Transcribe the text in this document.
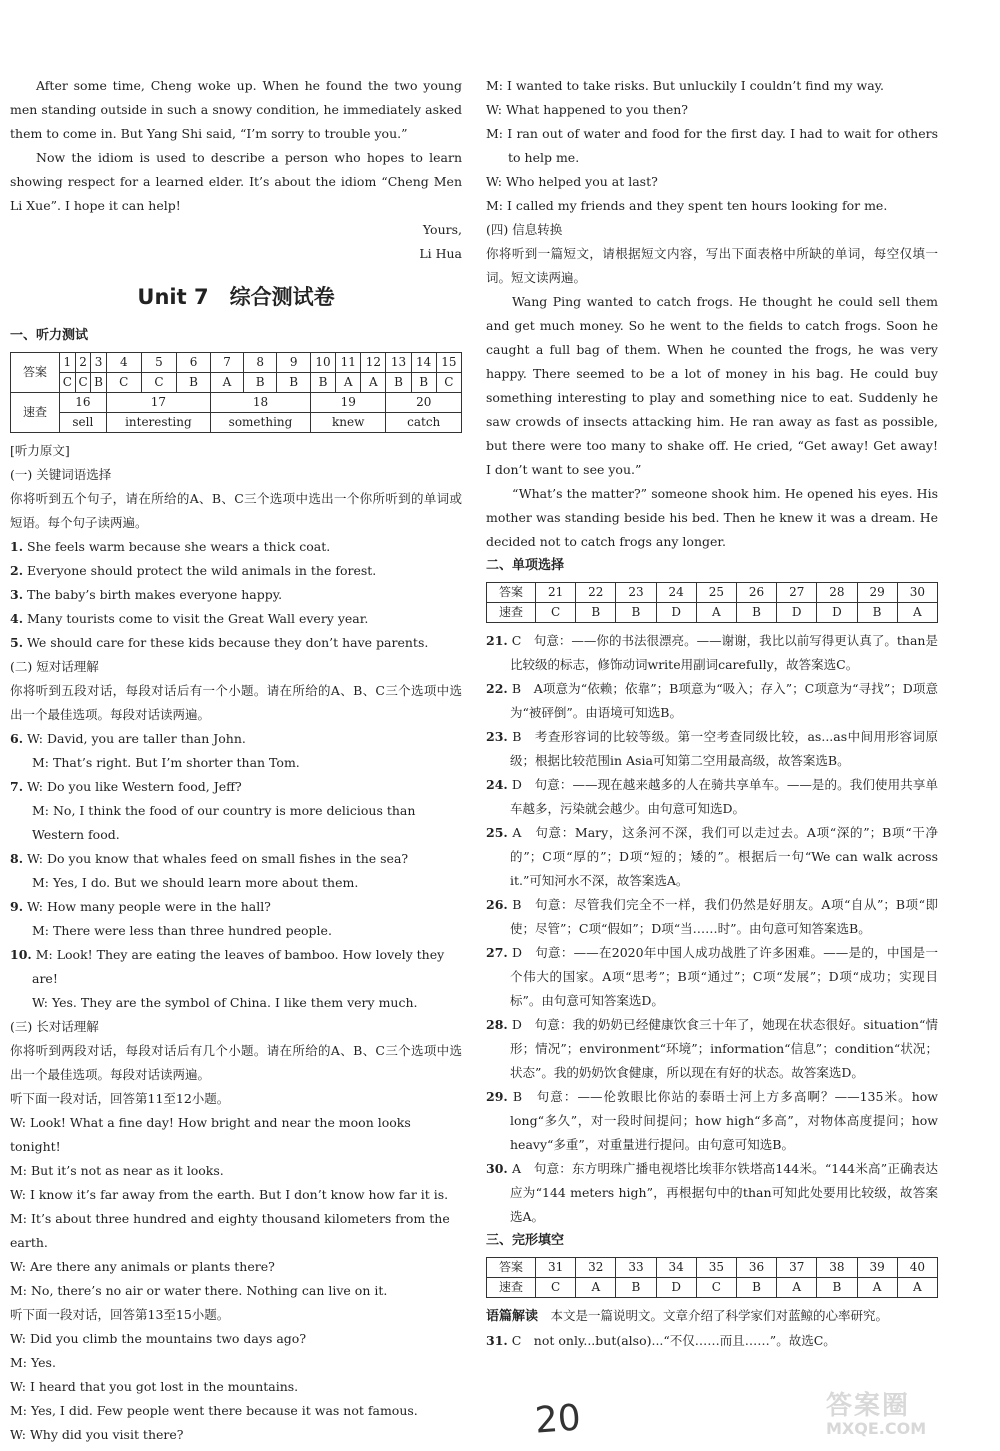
After some time, Cheng woke up. When he found the two young men standing outside in such a snowy condition, he immediately asked them to come in. But Yang Shi said, “I’m sorry to trouble you.”

Now the idiom is used to describe a person who hopes to learn showing respect for a learned elder. It’s about the idiom “Cheng Men Li Xue”. I hope it can help!

Yours,

Li Hua

Unit 7　综合测试卷

一、听力测试

答案	1	2	3	4	5	6	7	8	9	10	11	12	13	14	15
	C	C	B	C	C	B	A	B	B	B	A	A	B	B	C
速查	16			17			18			19			20		
	sell			interesting			something			knew			catch		

[听力原文]

(一) 关键词语选择

你将听到五个句子，请在所给的A、B、C三个选项中选出一个你所听到的单词或短语。每个句子读两遍。

1. She feels warm because she wears a thick coat.

2. Everyone should protect the wild animals in the forest.

3. The baby’s birth makes everyone happy.

4. Many tourists come to visit the Great Wall every year.

5. We should care for these kids because they don’t have parents.

(二) 短对话理解

你将听到五段对话，每段对话后有一个小题。请在所给的A、B、C三个选项中选出一个最佳选项。每段对话读两遍。

6. W: David, you are taller than John.

M: That’s right. But I’m shorter than Tom.

7. W: Do you like Western food, Jeff?

M: No, I think the food of our country is more delicious than Western food.

8. W: Do you know that whales feed on small fishes in the sea?

M: Yes, I do. But we should learn more about them.

9. W: How many people were in the hall?

M: There were less than three hundred people.

10. M: Look! They are eating the leaves of bamboo. How lovely they are!

W: Yes. They are the symbol of China. I like them very much.

(三) 长对话理解

你将听到两段对话，每段对话后有几个小题。请在所给的A、B、C三个选项中选出一个最佳选项。每段对话读两遍。

听下面一段对话，回答第11至12小题。

W: Look! What a fine day! How bright and near the moon looks tonight!

M: But it’s not as near as it looks.

W: I know it’s far away from the earth. But I don’t know how far it is.

M: It’s about three hundred and eighty thousand kilometers from the earth.

W: Are there any animals or plants there?

M: No, there’s no air or water there. Nothing can live on it.

听下面一段对话，回答第13至15小题。

W: Did you climb the mountains two days ago?

M: Yes.

W: I heard that you got lost in the mountains.

M: Yes, I did. Few people went there because it was not famous.

W: Why did you visit there?

M: I wanted to take risks. But unluckily I couldn’t find my way.

W: What happened to you then?

M: I ran out of water and food for the first day. I had to wait for others to help me.

W: Who helped you at last?

M: I called my friends and they spent ten hours looking for me.

(四) 信息转换

你将听到一篇短文，请根据短文内容，写出下面表格中所缺的单词，每空仅填一词。短文读两遍。

Wang Ping wanted to catch frogs. He thought he could sell them and get much money. So he went to the fields to catch frogs. Soon he caught a full bag of them. When he counted the frogs, he was very happy. There seemed to be a lot of money in his bag. He could buy something interesting to play and something nice to eat. Suddenly he saw crowds of insects attacking him. He ran away as fast as possible, but there were too many to shake off. He cried, “Get away! Get away! I don’t want to see you.”

“What’s the matter?” someone shook him. He opened his eyes. His mother was standing beside his bed. Then he knew it was a dream. He decided not to catch frogs any longer.

二、单项选择

答案	21	22	23	24	25	26	27	28	29	30
速查	C	B	B	D	A	B	D	D	B	A

21. C　句意：——你的书法很漂亮。——谢谢，我比以前写得更认真了。than是比较级的标志，修饰动词write用副词carefully，故答案选C。

22. B　A项意为“依赖；依靠”；B项意为“吸入；存入”；C项意为“寻找”；D项意为“被砰倒”。由语境可知选B。

23. B　考查形容词的比较等级。第一空考查同级比较，as...as中间用形容词原级；根据比较范围in Asia可知第二空用最高级，故答案选B。

24. D　句意：——现在越来越多的人在骑共享单车。——是的。我们使用共享单车越多，污染就会越少。由句意可知选D。

25. A　句意：Mary，这条河不深，我们可以走过去。A项“深的”；B项“干净的”；C项“厚的”；D项“短的；矮的”。根据后一句“We can walk across it.”可知河水不深，故答案选A。

26. B　句意：尽管我们完全不一样，我们仍然是好朋友。A项“自从”；B项“即使；尽管”；C项“假如”；D项“当……时”。由句意可知答案选B。

27. D　句意：——在2020年中国人成功战胜了许多困难。——是的，中国是一个伟大的国家。A项“思考”；B项“通过”；C项“发展”；D项“成功；实现目标”。由句意可知答案选D。

28. D　句意：我的奶奶已经健康饮食三十年了，她现在状态很好。situation“情形；情况”；environment“环境”；information“信息”；condition“状况；状态”。我的奶奶饮食健康，所以现在有好的状态。故答案选D。

29. B　句意：——伦敦眼比你站的泰晤士河上方多高啊？——135米。how long“多久”，对一段时间提问；how high“多高”，对物体高度提问；how heavy“多重”，对重量进行提问。由句意可知选B。

30. A　句意：东方明珠广播电视塔比埃菲尔铁塔高144米。“144米高”正确表达应为“144 meters high”，再根据句中的than可知此处要用比较级，故答案选A。

三、完形填空

答案	31	32	33	34	35	36	37	38	39	40
速查	C	A	B	D	C	B	A	B	A	A

语篇解读　本文是一篇说明文。文章介绍了科学家们对蓝鲸的心率研究。

31. C　not only...but(also)...“不仅……而且……”。故选C。

20	答案圈
MXQE.COM
